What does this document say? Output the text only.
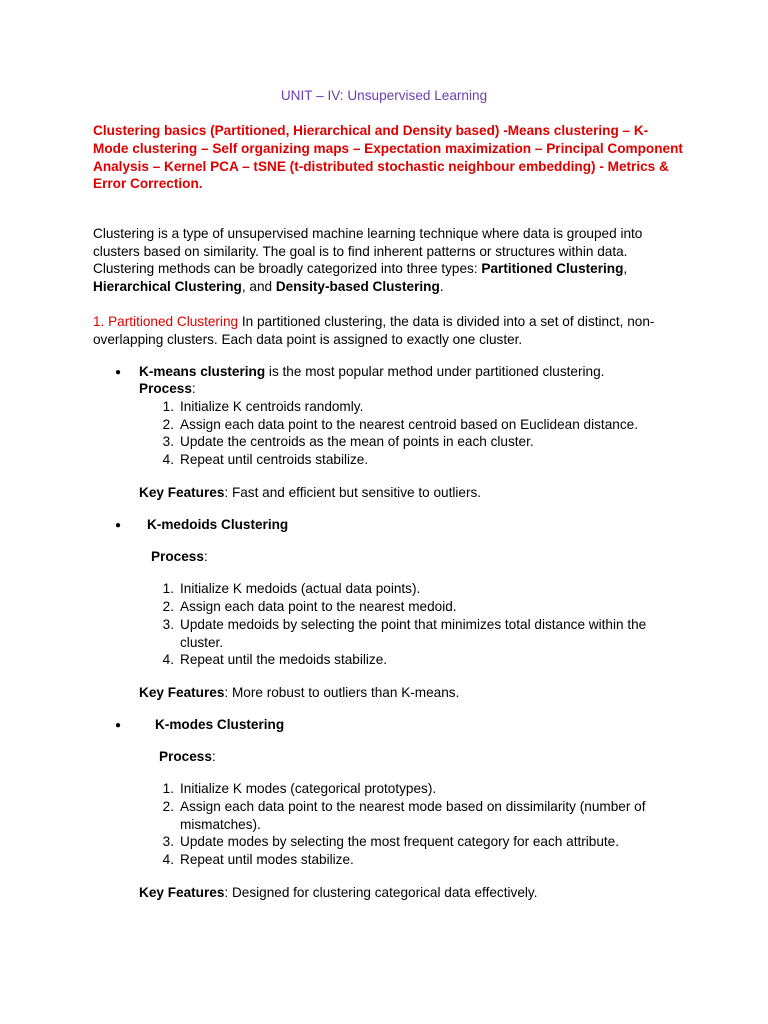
UNIT – IV: Unsupervised Learning
Clustering basics (Partitioned, Hierarchical and Density based) -Means clustering – K-Mode clustering – Self organizing maps – Expectation maximization – Principal Component Analysis – Kernel PCA – tSNE (t-distributed stochastic neighbour embedding) - Metrics & Error Correction.
Clustering is a type of unsupervised machine learning technique where data is grouped into clusters based on similarity. The goal is to find inherent patterns or structures within data. Clustering methods can be broadly categorized into three types: Partitioned Clustering, Hierarchical Clustering, and Density-based Clustering.
1. Partitioned Clustering In partitioned clustering, the data is divided into a set of distinct, non-overlapping clusters. Each data point is assigned to exactly one cluster.
● K-means clustering is the most popular method under partitioned clustering.
Process:
1. Initialize K centroids randomly.
2. Assign each data point to the nearest centroid based on Euclidean distance.
3. Update the centroids as the mean of points in each cluster.
4. Repeat until centroids stabilize.
Key Features: Fast and efficient but sensitive to outliers.
● K-medoids Clustering
Process:
1. Initialize K medoids (actual data points).
2. Assign each data point to the nearest medoid.
3. Update medoids by selecting the point that minimizes total distance within the cluster.
4. Repeat until the medoids stabilize.
Key Features: More robust to outliers than K-means.
● K-modes Clustering
Process:
1. Initialize K modes (categorical prototypes).
2. Assign each data point to the nearest mode based on dissimilarity (number of mismatches).
3. Update modes by selecting the most frequent category for each attribute.
4. Repeat until modes stabilize.
Key Features: Designed for clustering categorical data effectively.
